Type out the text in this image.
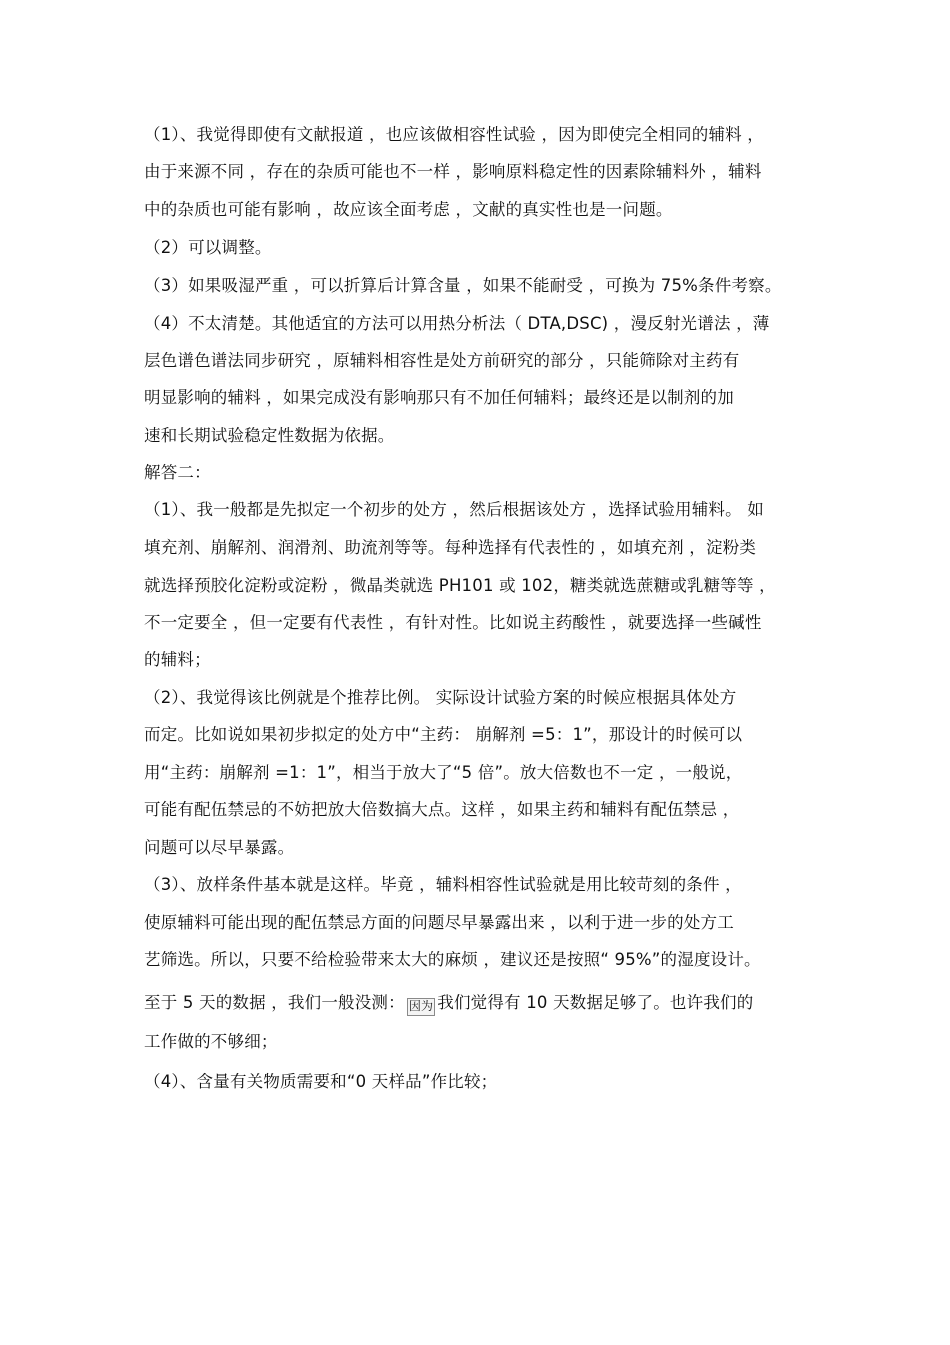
（1）、我觉得即使有文献报道 ，也应该做相容性试验 ，因为即使完全相同的辅料 ，
由于来源不同 ，存在的杂质可能也不一样 ，影响原料稳定性的因素除辅料外 ，辅料
中的杂质也可能有影响 ，故应该全面考虑 ，文献的真实性也是一问题。
（2）可以调整。
（3）如果吸湿严重 ，可以折算后计算含量 ，如果不能耐受 ，可换为 75%条件考察。
（4）不太清楚。其他适宜的方法可以用热分析法（ DTA,DSC) ，漫反射光谱法 ，薄
层色谱色谱法同步研究 ，原辅料相容性是处方前研究的部分 ，只能筛除对主药有
明显影响的辅料 ，如果完成没有影响那只有不加任何辅料；最终还是以制剂的加
速和长期试验稳定性数据为依据。
解答二：
（1）、我一般都是先拟定一个初步的处方 ，然后根据该处方 ，选择试验用辅料。 如
填充剂、崩解剂、润滑剂、助流剂等等。每种选择有代表性的 ，如填充剂 ，淀粉类
就选择预胶化淀粉或淀粉 ，微晶类就选 PH101 或 102，糖类就选蔗糖或乳糖等等 ，
不一定要全 ，但一定要有代表性 ，有针对性。比如说主药酸性 ，就要选择一些碱性
的辅料；
（2）、我觉得该比例就是个推荐比例。 实际设计试验方案的时候应根据具体处方
而定。比如说如果初步拟定的处方中“主药： 崩解剂 =5：1”，那设计的时候可以
用“主药：崩解剂 =1：1”，相当于放大了“5 倍”。放大倍数也不一定 ，一般说，
可能有配伍禁忌的不妨把放大倍数搞大点。这样 ，如果主药和辅料有配伍禁忌 ，
问题可以尽早暴露。
（3）、放样条件基本就是这样。毕竟 ，辅料相容性试验就是用比较苛刻的条件 ，
使原辅料可能出现的配伍禁忌方面的问题尽早暴露出来 ，以利于进一步的处方工
艺筛选。所以，只要不给检验带来太大的麻烦 ，建议还是按照“ 95%”的湿度设计。
至于 5 天的数据 ，我们一般没测： 因为 我们觉得有 10 天数据足够了。也许我们的
工作做的不够细；
（4）、含量有关物质需要和“0 天样品”作比较；
